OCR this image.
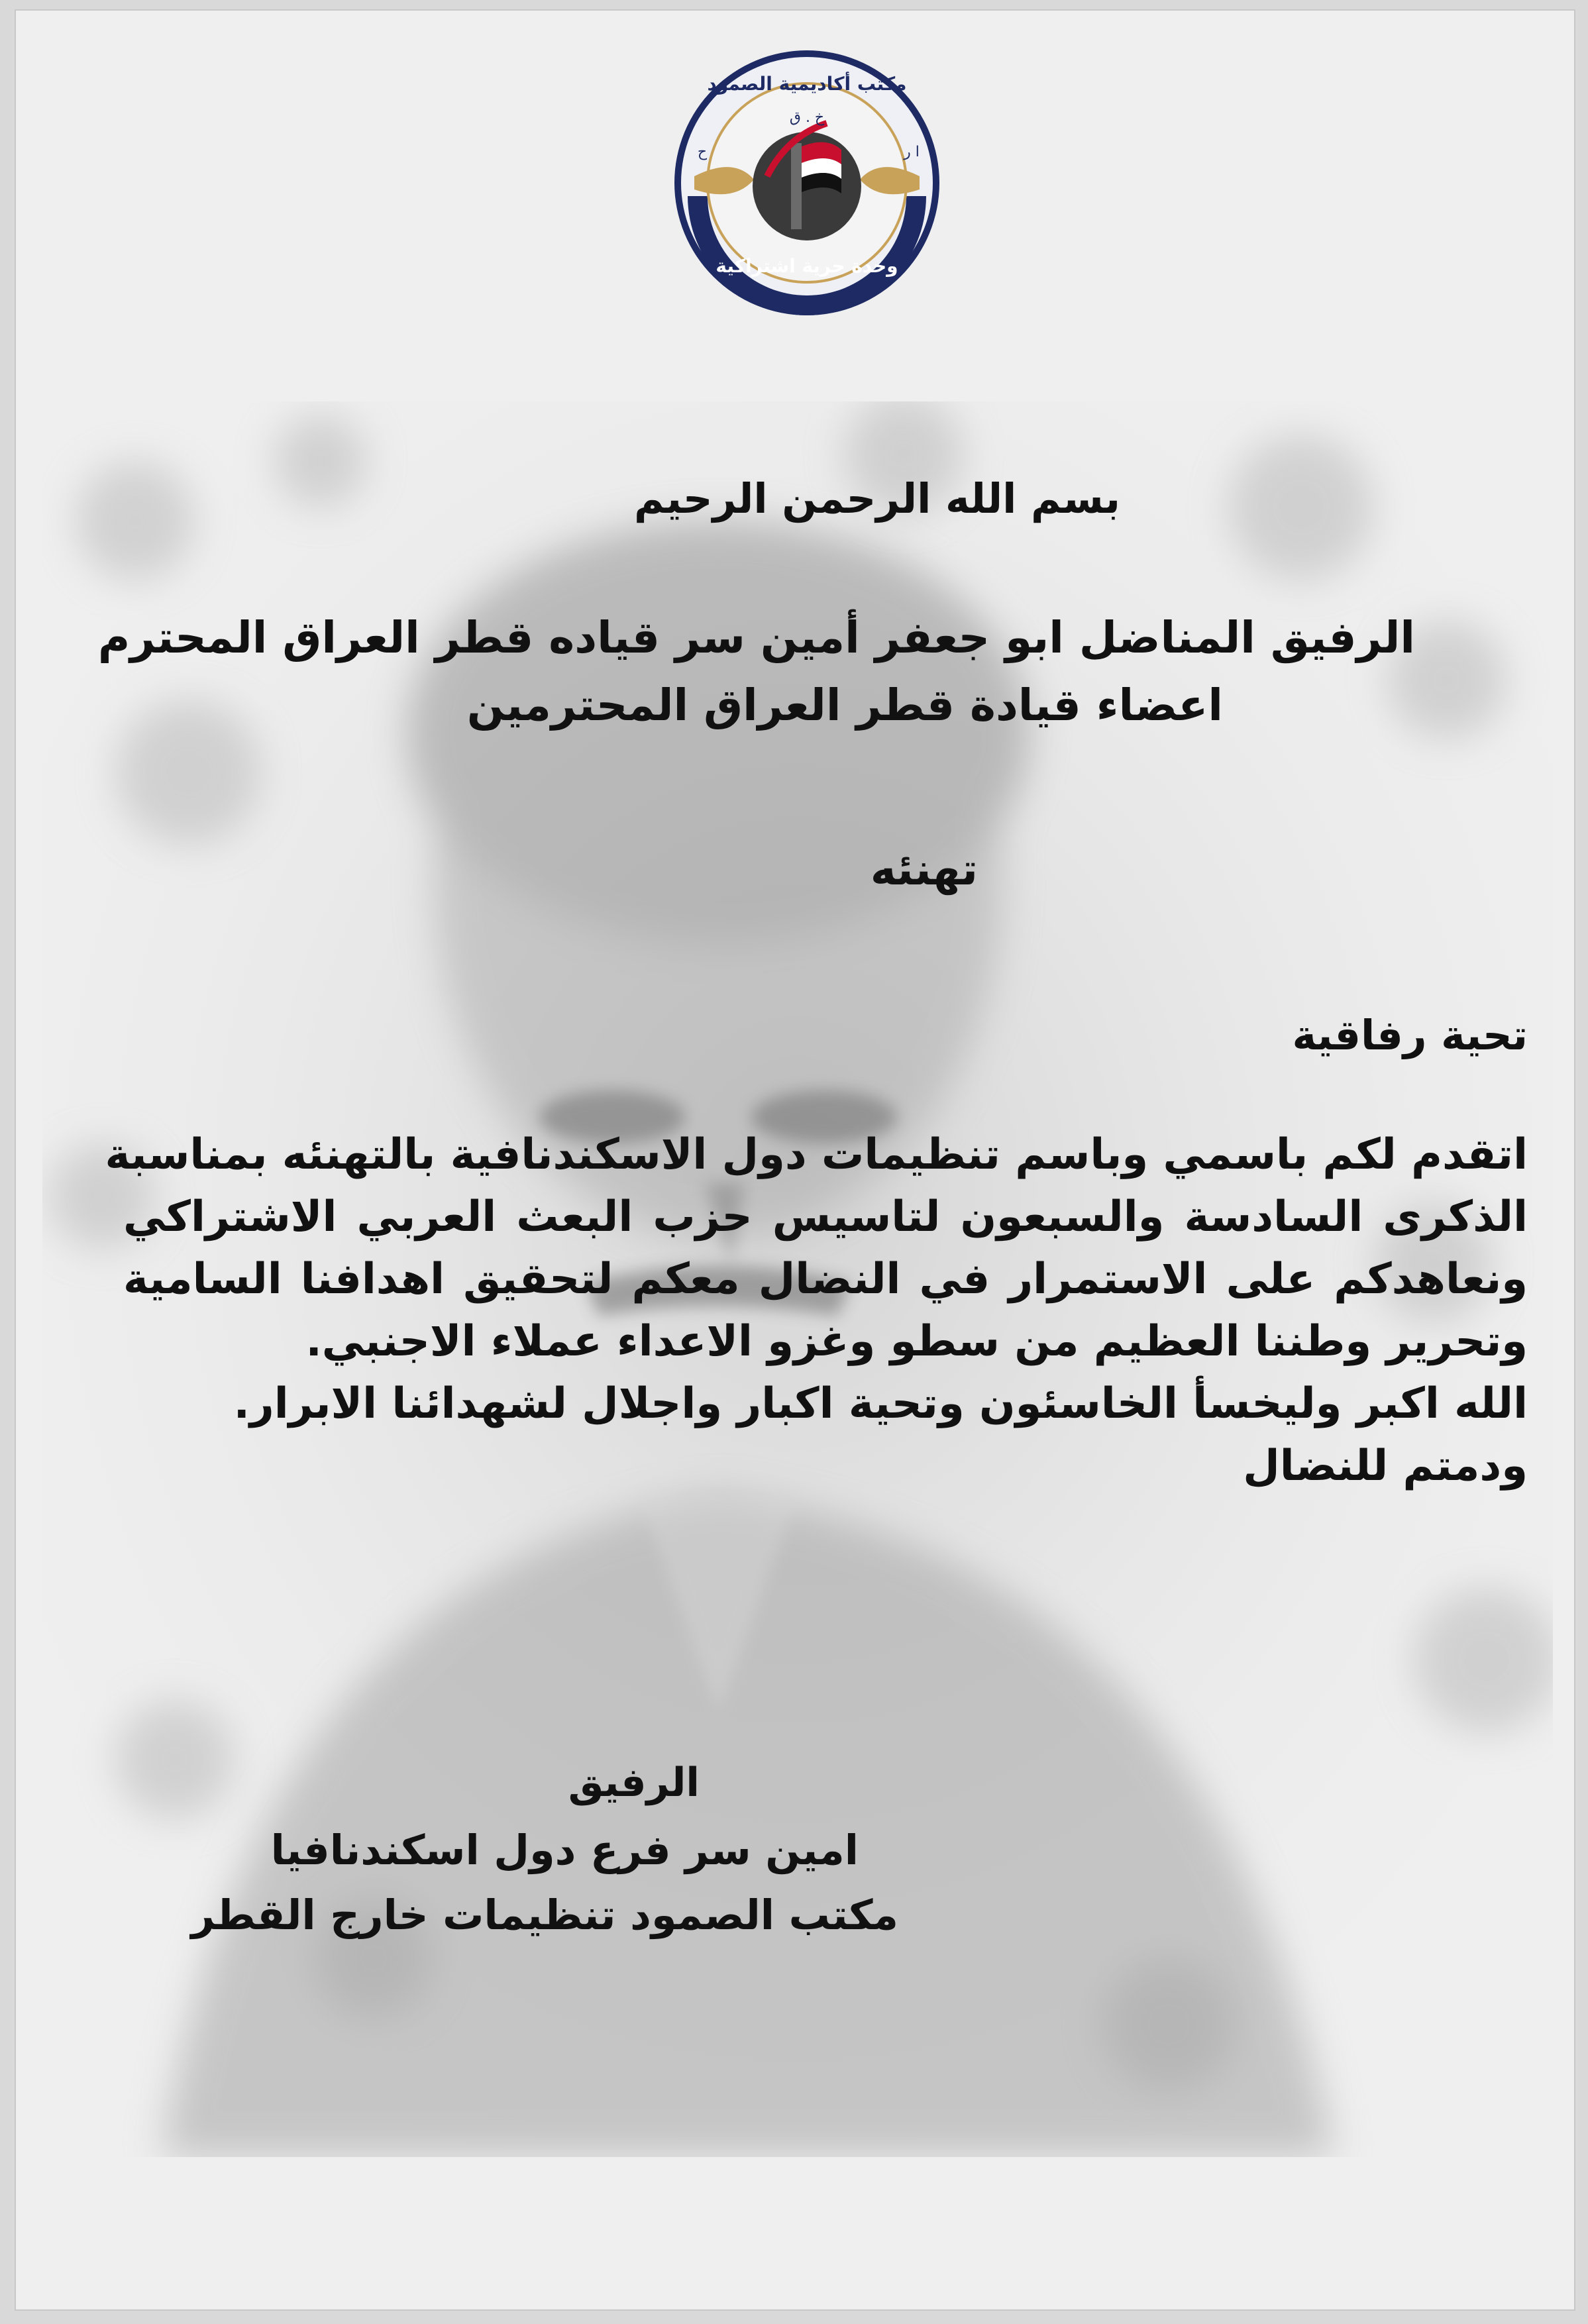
مكتب أكاديمية الصمود
خ . ق
ح	ا ر
وحدة حرية اشتراكية
بسم الله الرحمن الرحيم
الرفيق المناضل ابو جعفر أمين سر قياده قطر العراق المحترم
اعضاء قيادة قطر العراق المحترمين
تهنئه
تحية رفاقية
اتقدم لكم باسمي وباسم تنظيمات دول الاسكندنافية بالتهنئه بمناسبة
الذكرى السادسة والسبعون لتاسيس حزب البعث العربي الاشتراكي
ونعاهدكم على الاستمرار في النضال معكم لتحقيق اهدافنا السامية
وتحرير وطننا العظيم من سطو وغزو الاعداء عملاء الاجنبي.
الله اكبر وليخسأ الخاسئون وتحية اكبار واجلال لشهدائنا الابرار.
ودمتم للنضال
الرفيق
امين سر فرع دول اسكندنافيا
مكتب الصمود تنظيمات خارج القطر
